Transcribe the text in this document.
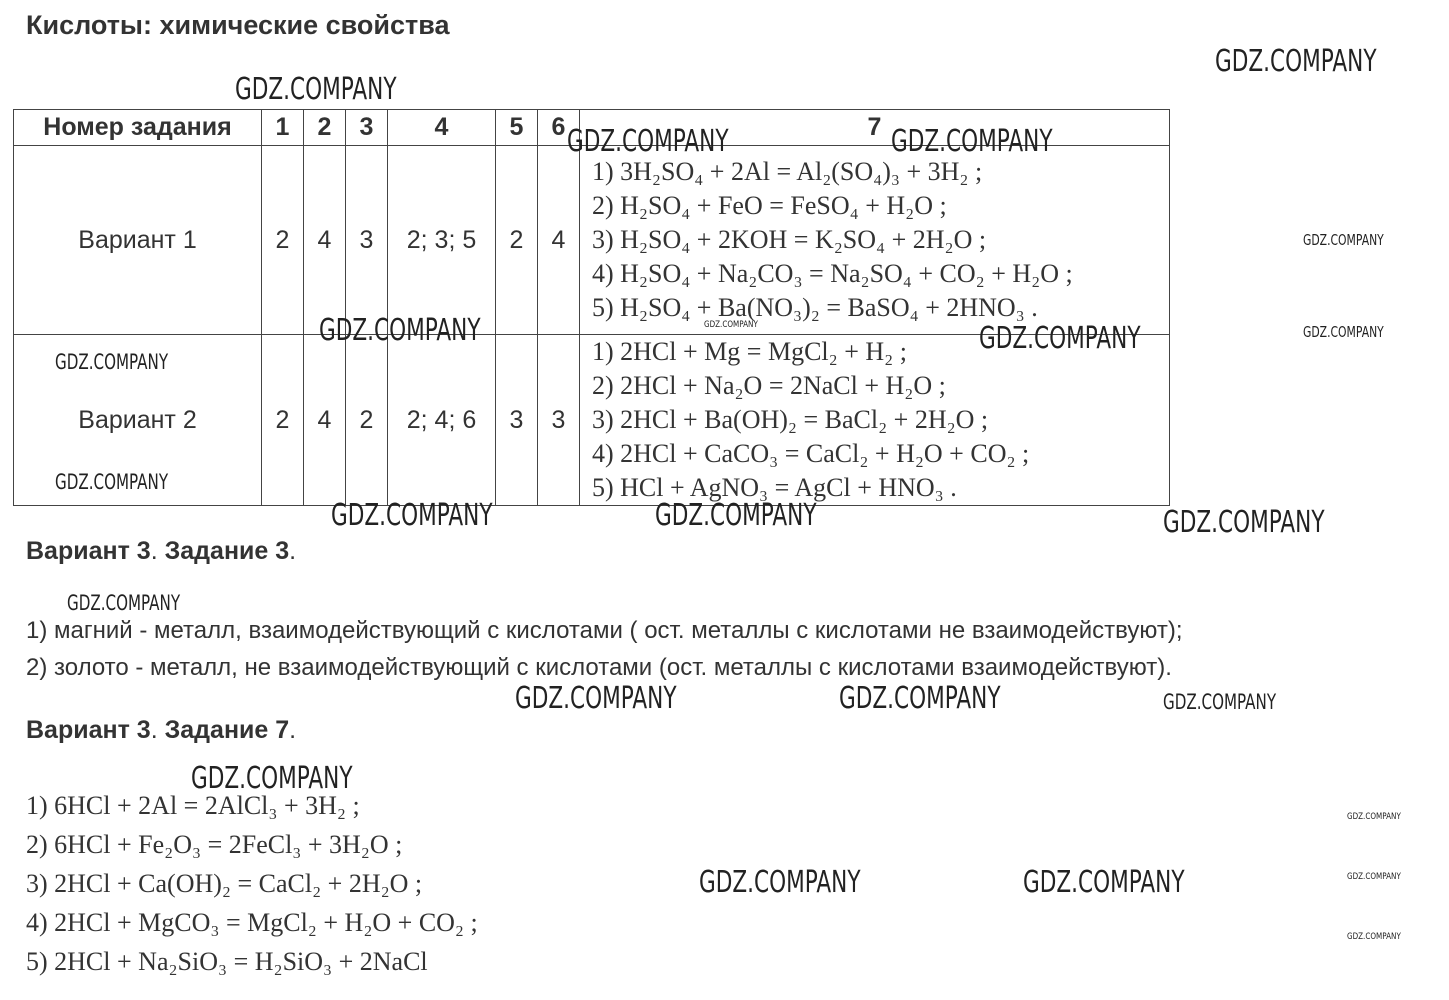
Кислоты: химические свойства
Номер задания	1	2	3	4	5	6	7
Вариант 1	2	4	3	2; 3; 5	2	4	1) 3H₂SO₄ + 2Al = Al₂(SO₄)₃ + 3H₂ ;
2) H₂SO₄ + FeO = FeSO₄ + H₂O ;
3) H₂SO₄ + 2KOH = K₂SO₄ + 2H₂O ;
4) H₂SO₄ + Na₂CO₃ = Na₂SO₄ + CO₂ + H₂O ;
5) H₂SO₄ + Ba(NO₃)₂ = BaSO₄ + 2HNO₃ .

Вариант 2	2	4	2	2; 4; 6	3	3	1) 2HCl + Mg = MgCl₂ + H₂ ;
2) 2HCl + Na₂O = 2NaCl + H₂O ;
3) 2HCl + Ba(OH)₂ = BaCl₂ + 2H₂O ;
4) 2HCl + CaCO₃ = CaCl₂ + H₂O + CO₂ ;
5) HCl + AgNO₃ = AgCl + HNO₃ .
Вариант 3. Задание 3.
1) магний - металл, взаимодействующий с кислотами ( ост. металлы с кислотами не взаимодействуют);
2) золото - металл, не взаимодействующий с кислотами (ост. металлы с кислотами взаимодействуют).
Вариант 3. Задание 7.
1) 6HCl + 2Al = 2AlCl₃ + 3H₂ ;
2) 6HCl + Fe₂O₃ = 2FeCl₃ + 3H₂O ;
3) 2HCl + Ca(OH)₂ = CaCl₂ + 2H₂O ;
4) 2HCl + MgCO₃ = MgCl₂ + H₂O + CO₂ ;
5) 2HCl + Na₂SiO₃ = H₂SiO₃ + 2NaCl
GDZ.COMPANY
GDZ.COMPANY
GDZ.COMPANY	GDZ.COMPANY
GDZ.COMPANY
GDZ.COMPANY
GDZ.COMPANY	GDZ.COMPANY	GDZ.COMPANY
GDZ.COMPANY
GDZ.COMPANY
GDZ.COMPANY	GDZ.COMPANY	GDZ.COMPANY
GDZ.COMPANY
GDZ.COMPANY	GDZ.COMPANY	GDZ.COMPANY
GDZ.COMPANY
GDZ.COMPANY
GDZ.COMPANY
GDZ.COMPANY
GDZ.COMPANY	GDZ.COMPANY
